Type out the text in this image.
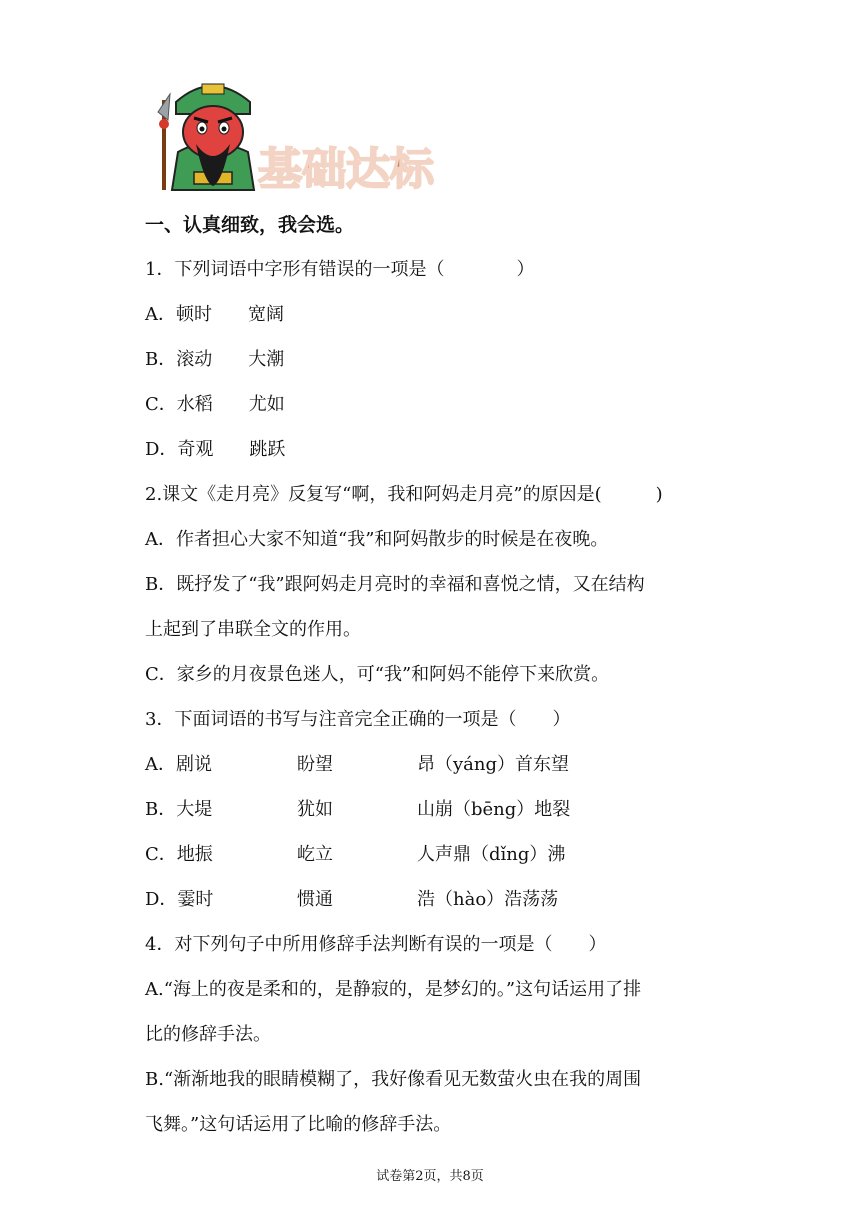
基础达标
一、认真细致，我会选。
1．下列词语中字形有错误的一项是（　　　　）
A．顿时　　宽阔
B．滚动　　大潮
C．水稻　　尤如
D．奇观　　跳跃
2.课文《走月亮》反复写“啊，我和阿妈走月亮”的原因是(　　　)
A．作者担心大家不知道“我”和阿妈散步的时候是在夜晚。
B．既抒发了“我”跟阿妈走月亮时的幸福和喜悦之情，又在结构
上起到了串联全文的作用。
C．家乡的月夜景色迷人，可“我”和阿妈不能停下来欣赏。
3．下面词语的书写与注音完全正确的一项是（　　）
A．剧说	盼望	昂（yáng）首东望
B．大堤	犹如	山崩（bēng）地裂
C．地振	屹立	人声鼎（dǐng）沸
D．霎时	惯通	浩（hào）浩荡荡
4．对下列句子中所用修辞手法判断有误的一项是（　　）
A.“海上的夜是柔和的，是静寂的，是梦幻的。”这句话运用了排
比的修辞手法。
B.“渐渐地我的眼睛模糊了，我好像看见无数萤火虫在我的周围
飞舞。”这句话运用了比喻的修辞手法。
试卷第2页，共8页
